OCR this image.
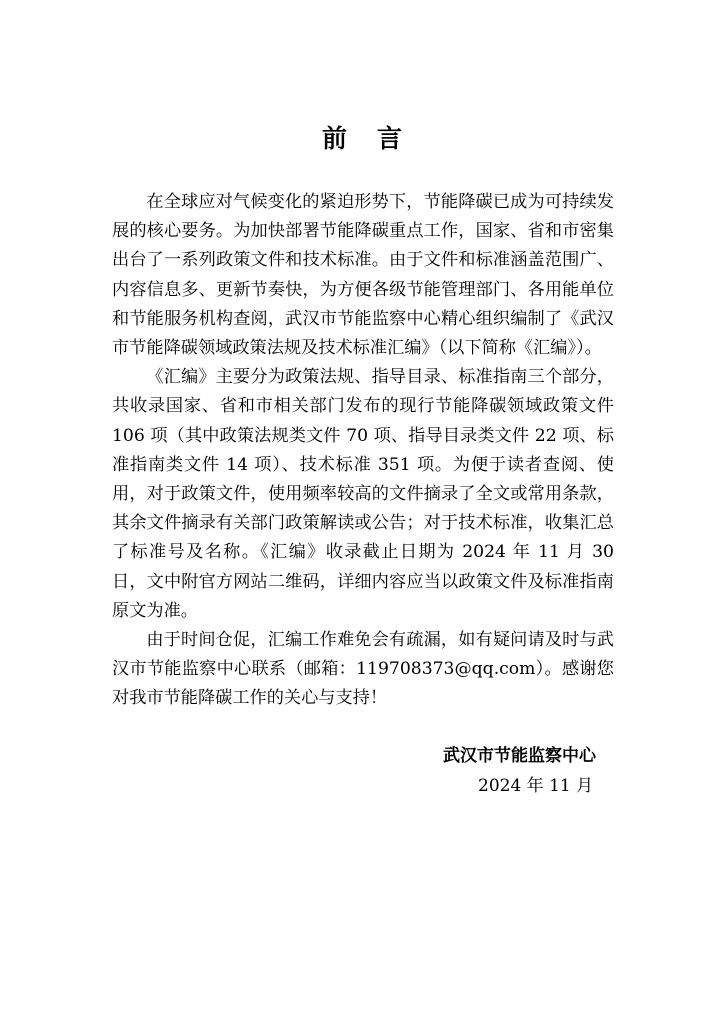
前 言

在全球应对气候变化的紧迫形势下，节能降碳已成为可持续发展的核心要务。为加快部署节能降碳重点工作，国家、省和市密集出台了一系列政策文件和技术标准。由于文件和标准涵盖范围广、内容信息多、更新节奏快，为方便各级节能管理部门、各用能单位和节能服务机构查阅，武汉市节能监察中心精心组织编制了《武汉市节能降碳领域政策法规及技术标准汇编》（以下简称《汇编》）。

《汇编》主要分为政策法规、指导目录、标准指南三个部分，共收录国家、省和市相关部门发布的现行节能降碳领域政策文件 106 项（其中政策法规类文件 70 项、指导目录类文件 22 项、标准指南类文件 14 项）、技术标准 351 项。为便于读者查阅、使用，对于政策文件，使用频率较高的文件摘录了全文或常用条款，其余文件摘录有关部门政策解读或公告；对于技术标准，收集汇总了标准号及名称。《汇编》收录截止日期为 2024 年 11 月 30 日，文中附官方网站二维码，详细内容应当以政策文件及标准指南原文为准。

由于时间仓促，汇编工作难免会有疏漏，如有疑问请及时与武汉市节能监察中心联系（邮箱：119708373@qq.com）。感谢您对我市节能降碳工作的关心与支持！

武汉市节能监察中心
2024 年 11 月
